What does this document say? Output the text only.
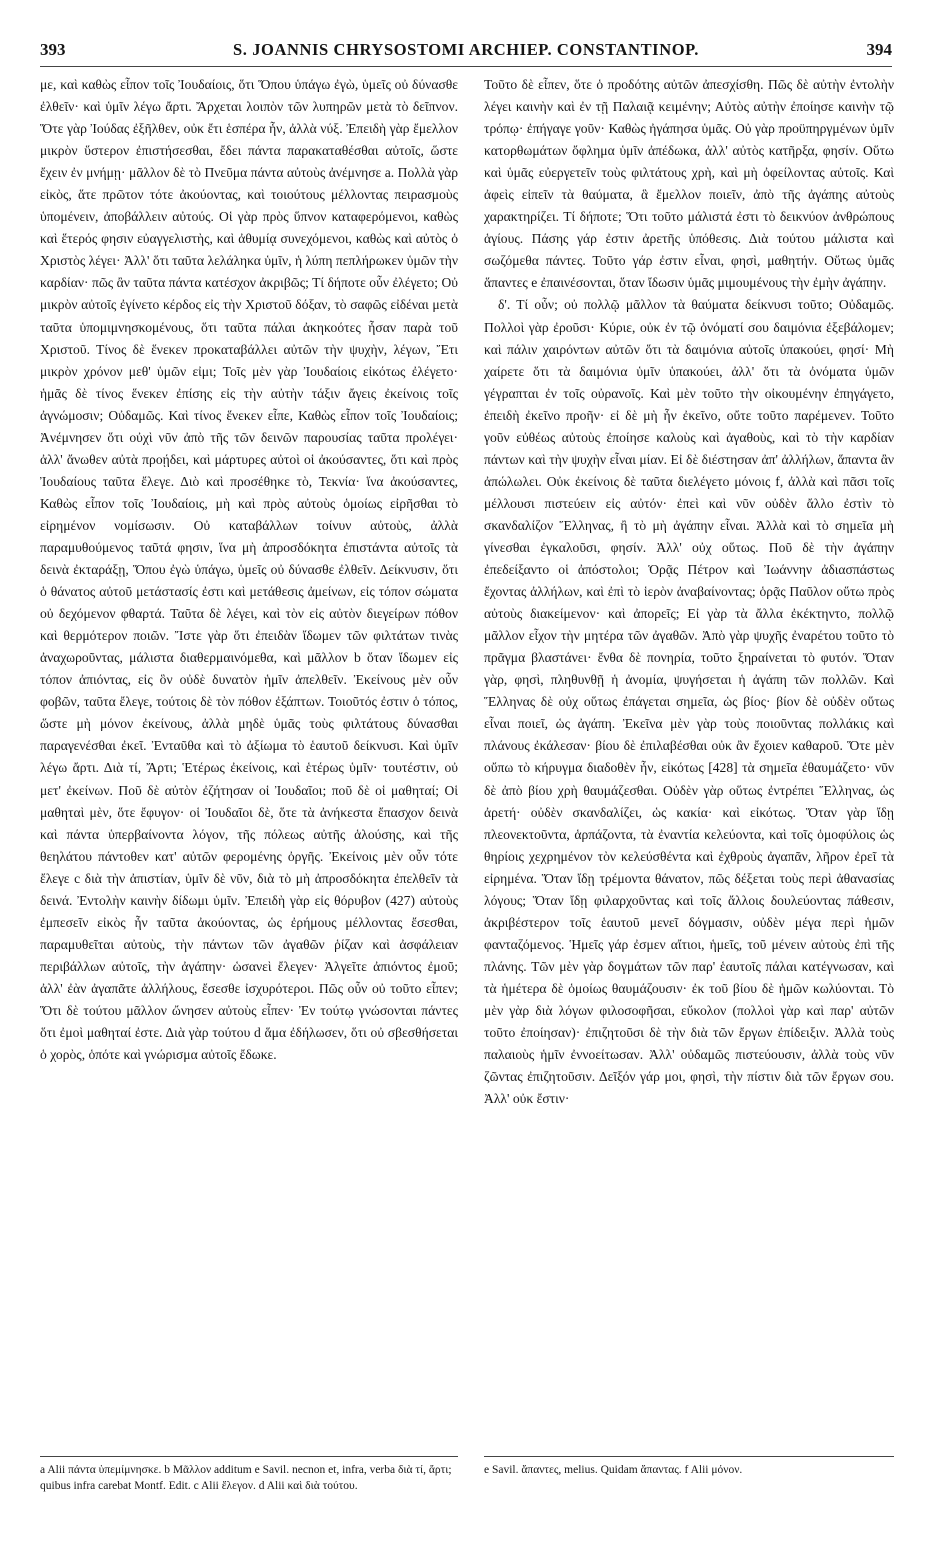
393	S. JOANNIS CHRYSOSTOMI ARCHIEP. CONSTANTINOP.	394

με, καὶ καθὼς εἶπον τοῖς Ἰουδαίοις, ὅτι Ὅπου ὑπάγω ἐγὼ, ὑμεῖς οὐ δύνασθε ἐλθεῖν· καὶ ὑμῖν λέγω ἄρτι. Ἄρχεται λοιπὸν τῶν λυπηρῶν μετὰ τὸ δεῖπνον. Ὅτε γὰρ Ἰούδας ἐξῆλθεν, οὐκ ἔτι ἑσπέρα ἦν, ἀλλὰ νύξ. Ἐπειδὴ γὰρ ἔμελλον μικρὸν ὕστερον ἐπιστήσεσθαι, ἔδει πάντα παρακαταθέσθαι αὐτοῖς, ὥστε ἔχειν ἐν μνήμῃ· μᾶλλον δὲ τὸ Πνεῦμα πάντα αὐτοὺς ἀνέμνησε a. Πολλὰ γὰρ εἰκὸς, ἅτε πρῶτον τότε ἀκούοντας, καὶ τοιούτους μέλλοντας πειρασμοὺς ὑπομένειν, ἀποβάλλειν αὐτούς. Οἱ γὰρ πρὸς ὕπνον καταφερόμενοι, καθὼς καὶ ἕτερός φησιν εὐαγγελιστὴς, καὶ ἀθυμίᾳ συνεχόμενοι, καθὼς καὶ αὐτὸς ὁ Χριστὸς λέγει· Ἀλλ' ὅτι ταῦτα λελάληκα ὑμῖν, ἡ λύπη πεπλήρωκεν ὑμῶν τὴν καρδίαν· πῶς ἂν ταῦτα πάντα κατέσχον ἀκριβῶς; Τί δήποτε οὖν ἐλέγετο; Οὐ μικρὸν αὐτοῖς ἐγίνετο κέρδος εἰς τὴν Χριστοῦ δόξαν, τὸ σαφῶς εἰδέναι μετὰ ταῦτα ὑπομιμνησκομένους, ὅτι ταῦτα πάλαι ἀκηκοότες ἦσαν παρὰ τοῦ Χριστοῦ. Τίνος δὲ ἕνεκεν προκαταβάλλει αὐτῶν τὴν ψυχὴν, λέγων, Ἔτι μικρὸν χρόνον μεθ' ὑμῶν εἰμι; Τοῖς μὲν γὰρ Ἰουδαίοις εἰκότως ἐλέγετο· ἡμᾶς δὲ τίνος ἕνεκεν ἐπίσης εἰς τὴν αὐτὴν τάξιν ἄγεις ἐκείνοις τοῖς ἀγνώμοσιν; Οὐδαμῶς. Καὶ τίνος ἕνεκεν εἶπε, Καθὼς εἶπον τοῖς Ἰουδαίοις; Ἀνέμνησεν ὅτι οὐχὶ νῦν ἀπὸ τῆς τῶν δεινῶν παρουσίας ταῦτα προλέγει· ἀλλ' ἄνωθεν αὐτὰ προῄδει, καὶ μάρτυρες αὐτοὶ οἱ ἀκούσαντες, ὅτι καὶ πρὸς Ἰουδαίους ταῦτα ἔλεγε. Διὸ καὶ προσέθηκε τὸ, Τεκνία· ἵνα ἀκούσαντες, Καθὼς εἶπον τοῖς Ἰουδαίοις, μὴ καὶ πρὸς αὐτοὺς ὁμοίως εἰρῆσθαι τὸ εἰρημένον νομίσωσιν. Οὐ καταβάλλων τοίνυν αὐτοὺς, ἀλλὰ παραμυθούμενος ταῦτά φησιν, ἵνα μὴ ἀπροσδόκητα ἐπιστάντα αὐτοῖς τὰ δεινὰ ἐκταράξῃ, Ὅπου ἐγὼ ὑπάγω, ὑμεῖς οὐ δύνασθε ἐλθεῖν. Δείκνυσιν, ὅτι ὁ θάνατος αὐτοῦ μετάστασίς ἐστι καὶ μετάθεσις ἀμείνων, εἰς τόπον σώματα οὐ δεχόμενον φθαρτά. Ταῦτα δὲ λέγει, καὶ τὸν εἰς αὐτὸν διεγείρων πόθον καὶ θερμότερον ποιῶν. Ἴστε γὰρ ὅτι ἐπειδὰν ἴδωμεν τῶν φιλτάτων τινὰς ἀναχωροῦντας, μάλιστα διαθερμαινόμεθα, καὶ μᾶλλον b ὅταν ἴδωμεν εἰς τόπον ἀπιόντας, εἰς ὃν οὐδὲ δυνατὸν ἡμῖν ἀπελθεῖν. Ἐκείνους μὲν οὖν φοβῶν, ταῦτα ἔλεγε, τούτοις δὲ τὸν πόθον ἐξάπτων. Τοιοῦτός ἐστιν ὁ τόπος, ὥστε μὴ μόνον ἐκείνους, ἀλλὰ μηδὲ ὑμᾶς τοὺς φιλτάτους δύνασθαι παραγενέσθαι ἐκεῖ. Ἐνταῦθα καὶ τὸ ἀξίωμα τὸ ἑαυτοῦ δείκνυσι. Καὶ ὑμῖν λέγω ἄρτι. Διὰ τί, Ἄρτι; Ἑτέρως ἐκείνοις, καὶ ἑτέρως ὑμῖν· τουτέστιν, οὐ μετ' ἐκείνων. Ποῦ δὲ αὐτὸν ἐζήτησαν οἱ Ἰουδαῖοι; ποῦ δὲ οἱ μαθηταί; Οἱ μαθηταὶ μὲν, ὅτε ἔφυγον· οἱ Ἰουδαῖοι δὲ, ὅτε τὰ ἀνήκεστα ἔπασχον δεινὰ καὶ πάντα ὑπερβαίνοντα λόγον, τῆς πόλεως αὐτῆς ἁλούσης, καὶ τῆς θεηλάτου πάντοθεν κατ' αὐτῶν φερομένης ὀργῆς. Ἐκείνοις μὲν οὖν τότε ἔλεγε c διὰ τὴν ἀπιστίαν, ὑμῖν δὲ νῦν, διὰ τὸ μὴ ἀπροσδόκητα ἐπελθεῖν τὰ δεινά. Ἐντολὴν καινὴν δίδωμι ὑμῖν. Ἐπειδὴ γὰρ εἰς θόρυβον (427) αὐτοὺς ἐμπεσεῖν εἰκὸς ἦν ταῦτα ἀκούοντας, ὡς ἐρήμους μέλλοντας ἔσεσθαι, παραμυθεῖται αὐτοὺς, τὴν πάντων τῶν ἀγαθῶν ῥίζαν καὶ ἀσφάλειαν περιβάλλων αὐτοῖς, τὴν ἀγάπην· ὡσανεὶ ἔλεγεν· Ἀλγεῖτε ἀπιόντος ἐμοῦ; ἀλλ' ἐὰν ἀγαπᾶτε ἀλλήλους, ἔσεσθε ἰσχυρότεροι. Πῶς οὖν οὐ τοῦτο εἶπεν; Ὅτι δὲ τούτου μᾶλλον ὤνησεν αὐτοὺς εἶπεν· Ἐν τούτῳ γνώσονται πάντες ὅτι ἐμοὶ μαθηταί ἐστε. Διὰ γὰρ τούτου d ἅμα ἐδήλωσεν, ὅτι οὐ σβεσθήσεται ὁ χορὸς, ὁπότε καὶ γνώρισμα αὐτοῖς ἔδωκε.

Τοῦτο δὲ εἶπεν, ὅτε ὁ προδότης αὐτῶν ἀπεσχίσθη. Πῶς δὲ αὐτὴν ἐντολὴν λέγει καινὴν καὶ ἐν τῇ Παλαιᾷ κειμένην; Αὐτὸς αὐτὴν ἐποίησε καινὴν τῷ τρόπῳ· ἐπήγαγε γοῦν· Καθὼς ἠγάπησα ὑμᾶς. Οὐ γὰρ προϋπηργμένων ὑμῖν κατορθωμάτων ὄφλημα ὑμῖν ἀπέδωκα, ἀλλ' αὐτὸς κατῆρξα, φησίν. Οὕτω καὶ ὑμᾶς εὐεργετεῖν τοὺς φιλτάτους χρὴ, καὶ μὴ ὀφείλοντας αὐτοῖς. Καὶ ἀφεὶς εἰπεῖν τὰ θαύματα, ἃ ἔμελλον ποιεῖν, ἀπὸ τῆς ἀγάπης αὐτοὺς χαρακτηρίζει. Τί δήποτε; Ὅτι τοῦτο μάλιστά ἐστι τὸ δεικνύον ἀνθρώπους ἁγίους. Πάσης γάρ ἐστιν ἀρετῆς ὑπόθεσις. Διὰ τούτου μάλιστα καὶ σωζόμεθα πάντες. Τοῦτο γάρ ἐστιν εἶναι, φησὶ, μαθητήν. Οὕτως ὑμᾶς ἅπαντες e ἐπαινέσονται, ὅταν ἴδωσιν ὑμᾶς μιμουμένους τὴν ἐμὴν ἀγάπην.

δ'. Τί οὖν; οὐ πολλῷ μᾶλλον τὰ θαύματα δείκνυσι τοῦτο; Οὐδαμῶς. Πολλοὶ γὰρ ἐροῦσι· Κύριε, οὐκ ἐν τῷ ὀνόματί σου δαιμόνια ἐξεβάλομεν; καὶ πάλιν χαιρόντων αὐτῶν ὅτι τὰ δαιμόνια αὐτοῖς ὑπακούει, φησί· Μὴ χαίρετε ὅτι τὰ δαιμόνια ὑμῖν ὑπακούει, ἀλλ' ὅτι τὰ ὀνόματα ὑμῶν γέγραπται ἐν τοῖς οὐρανοῖς. Καὶ μὲν τοῦτο τὴν οἰκουμένην ἐπηγάγετο, ἐπειδὴ ἐκεῖνο προῆν· εἰ δὲ μὴ ἦν ἐκεῖνο, οὔτε τοῦτο παρέμενεν. Τοῦτο γοῦν εὐθέως αὐτοὺς ἐποίησε καλοὺς καὶ ἀγαθοὺς, καὶ τὸ τὴν καρδίαν πάντων καὶ τὴν ψυχὴν εἶναι μίαν. Εἰ δὲ διέστησαν ἀπ' ἀλλήλων, ἅπαντα ἂν ἀπώλωλει. Οὐκ ἐκείνοις δὲ ταῦτα διελέγετο μόνοις f, ἀλλὰ καὶ πᾶσι τοῖς μέλλουσι πιστεύειν εἰς αὐτόν· ἐπεὶ καὶ νῦν οὐδὲν ἄλλο ἐστὶν τὸ σκανδαλίζον Ἕλληνας, ἢ τὸ μὴ ἀγάπην εἶναι. Ἀλλὰ καὶ τὸ σημεῖα μὴ γίνεσθαι ἐγκαλοῦσι, φησίν. Ἀλλ' οὐχ οὕτως. Ποῦ δὲ τὴν ἀγάπην ἐπεδείξαντο οἱ ἀπόστολοι; Ὁρᾷς Πέτρον καὶ Ἰωάννην ἀδιασπάστως ἔχοντας ἀλλήλων, καὶ ἐπὶ τὸ ἱερὸν ἀναβαίνοντας; ὁρᾷς Παῦλον οὕτω πρὸς αὐτοὺς διακείμενον· καὶ ἀπορεῖς; Εἰ γὰρ τὰ ἄλλα ἐκέκτηντο, πολλῷ μᾶλλον εἶχον τὴν μητέρα τῶν ἀγαθῶν. Ἀπὸ γὰρ ψυχῆς ἐναρέτου τοῦτο τὸ πρᾶγμα βλαστάνει· ἔνθα δὲ πονηρία, τοῦτο ξηραίνεται τὸ φυτόν. Ὅταν γὰρ, φησὶ, πληθυνθῇ ἡ ἀνομία, ψυγήσεται ἡ ἀγάπη τῶν πολλῶν. Καὶ Ἕλληνας δὲ οὐχ οὕτως ἐπάγεται σημεῖα, ὡς βίος· βίον δὲ οὐδὲν οὕτως εἶναι ποιεῖ, ὡς ἀγάπη. Ἐκεῖνα μὲν γὰρ τοὺς ποιοῦντας πολλάκις καὶ πλάνους ἐκάλεσαν· βίου δὲ ἐπιλαβέσθαι οὐκ ἂν ἔχοιεν καθαροῦ. Ὅτε μὲν οὔπω τὸ κήρυγμα διαδοθὲν ἦν, εἰκότως [428] τὰ σημεῖα ἐθαυμάζετο· νῦν δὲ ἀπὸ βίου χρὴ θαυμάζεσθαι. Οὐδὲν γὰρ οὕτως ἐντρέπει Ἕλληνας, ὡς ἀρετή· οὐδὲν σκανδαλίζει, ὡς κακία· καὶ εἰκότως. Ὅταν γὰρ ἴδῃ πλεονεκτοῦντα, ἁρπάζοντα, τὰ ἐναντία κελεύοντα, καὶ τοῖς ὁμοφύλοις ὡς θηρίοις χεχρημένον τὸν κελεύσθέντα καὶ ἐχθροὺς ἀγαπᾶν, λῆρον ἐρεῖ τὰ εἰρημένα. Ὅταν ἴδῃ τρέμοντα θάνατον, πῶς δέξεται τοὺς περὶ ἀθανασίας λόγους; Ὅταν ἴδῃ φιλαρχοῦντας καὶ τοῖς ἄλλοις δουλεύοντας πάθεσιν, ἀκριβέστερον τοῖς ἑαυτοῦ μενεῖ δόγμασιν, οὐδὲν μέγα περὶ ἡμῶν φανταζόμενος. Ἡμεῖς γάρ ἐσμεν αἴτιοι, ἡμεῖς, τοῦ μένειν αὐτοὺς ἐπὶ τῆς πλάνης. Τῶν μὲν γὰρ δογμάτων τῶν παρ' ἑαυτοῖς πάλαι κατέγνωσαν, καὶ τὰ ἡμέτερα δὲ ὁμοίως θαυμάζουσιν· ἐκ τοῦ βίου δὲ ἡμῶν κωλύονται. Τὸ μὲν γὰρ διὰ λόγων φιλοσοφῆσαι, εὔκολον (πολλοὶ γὰρ καὶ παρ' αὐτῶν τοῦτο ἐποίησαν)· ἐπιζητοῦσι δὲ τὴν διὰ τῶν ἔργων ἐπίδειξιν. Ἀλλὰ τοὺς παλαιοὺς ἡμῖν ἐννοείτωσαν. Ἀλλ' οὐδαμῶς πιστεύουσιν, ἀλλὰ τοὺς νῦν ζῶντας ἐπιζητοῦσιν. Δεῖξόν γάρ μοι, φησὶ, τὴν πίστιν διὰ τῶν ἔργων σου. Ἀλλ' οὐκ ἔστιν·

a Alii πάντα ὑπεμίμνησκε. b Μᾶλλον additum e Savil. necnon et, infra, verba διὰ τί, ἄρτι; quibus infra carebat Montf. Edit. c Alii ἔλεγον. d Alii καὶ διὰ τούτου.
e Savil. ἅπαντες, melius. Quidam ἅπαντας. f Alii μόνον.
